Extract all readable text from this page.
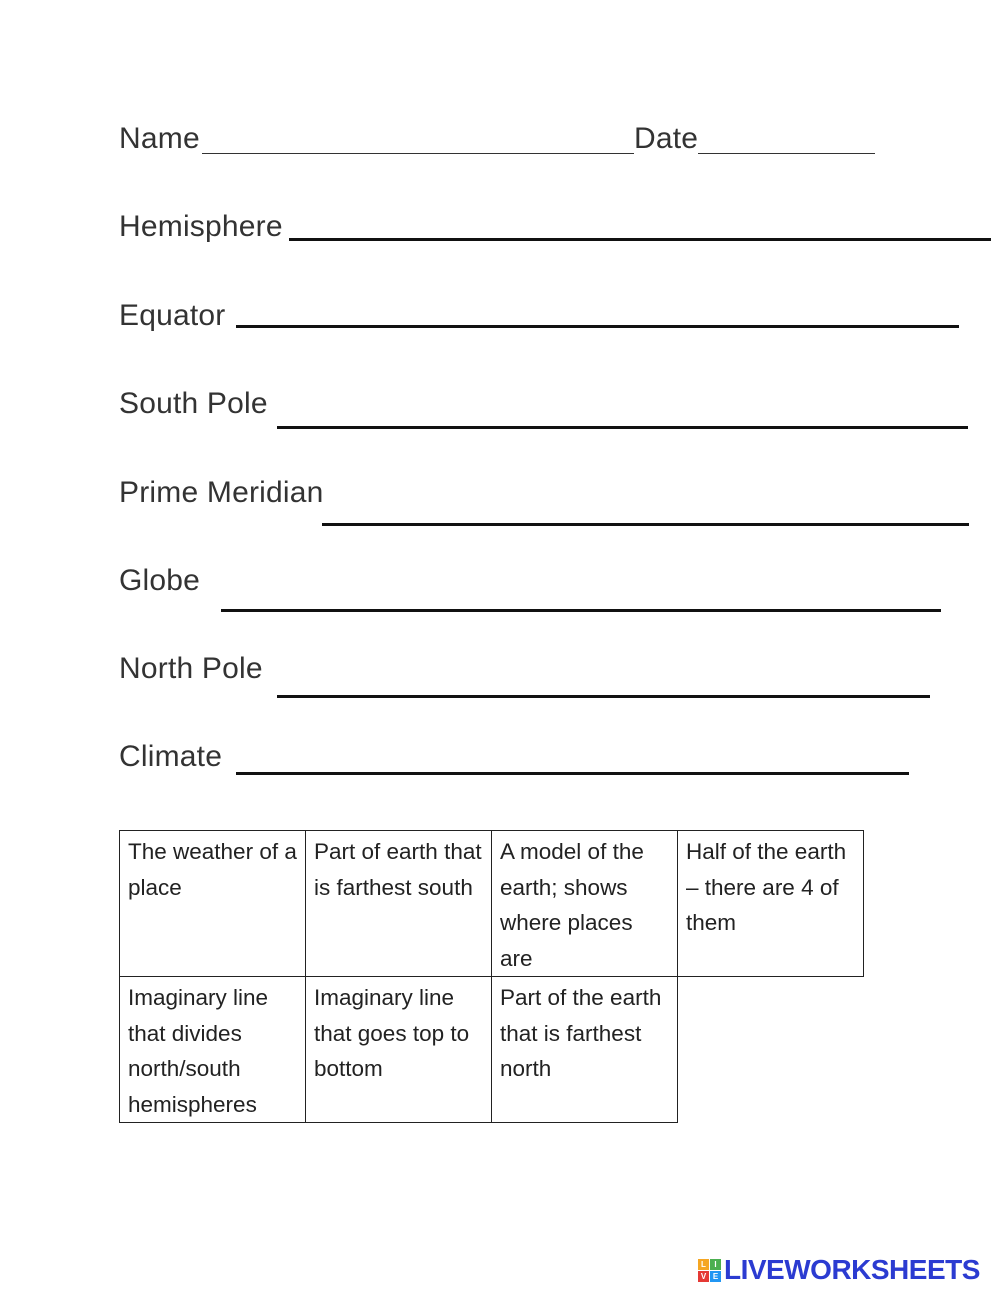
Name	Date
Hemisphere
Equator
South Pole
Prime Meridian
Globe
North Pole
Climate
The weather of a place	Part of earth that is farthest south	A model of the earth; shows where places are	Half of the earth – there are 4 of them
Imaginary line that divides north/south hemispheres	Imaginary line that goes top to bottom	Part of the earth that is farthest north	
L	I
V E LIVEWORKSHEETS
